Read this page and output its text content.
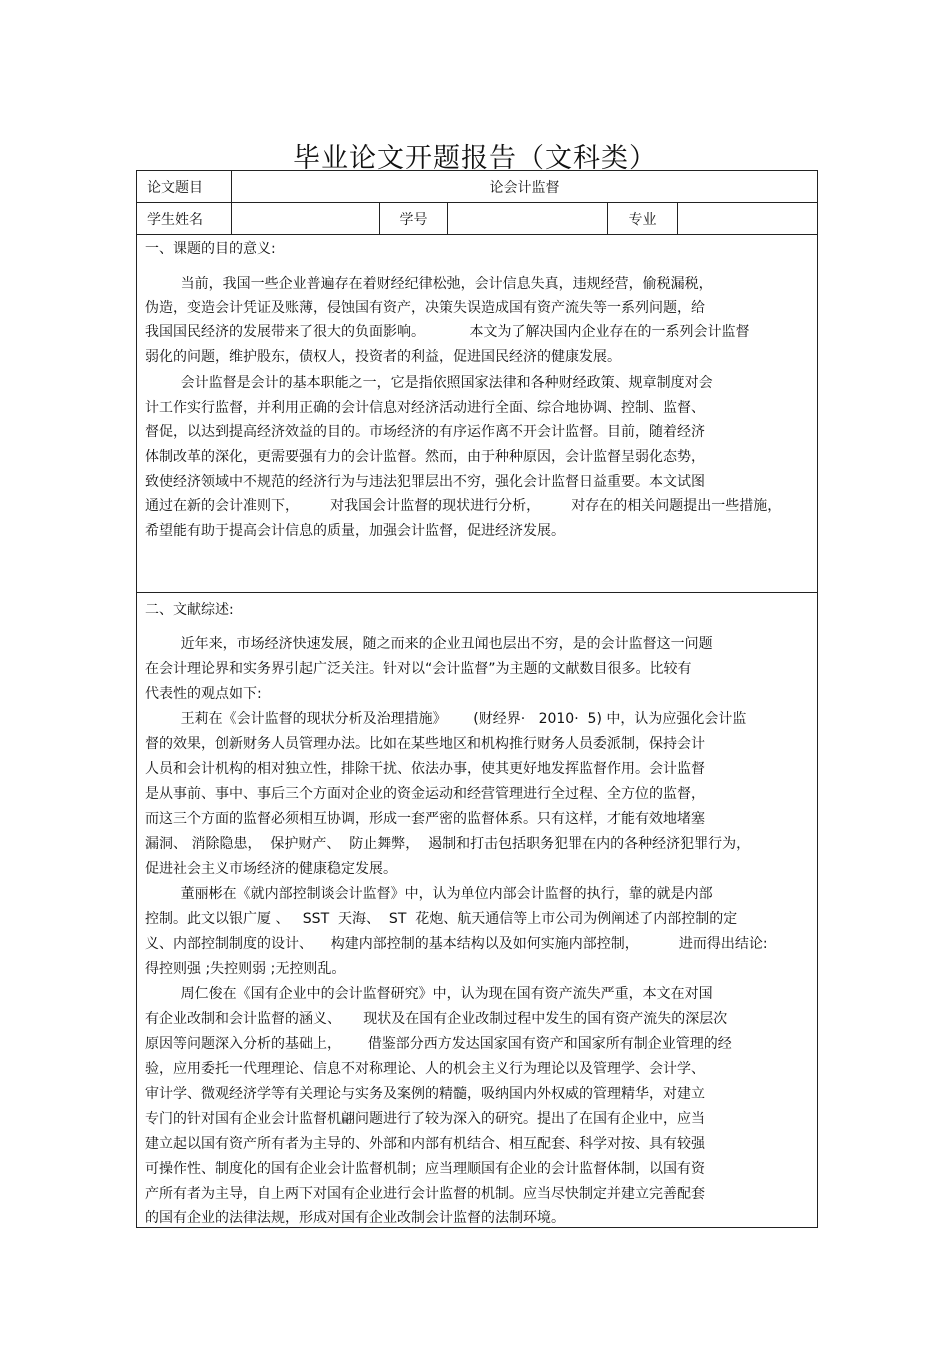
毕业论文开题报告（文科类）
论文题目	论会计监督
学生姓名	学号	专业
一、课题的目的意义:
当前，我国一些企业普遍存在着财经纪律松弛，会计信息失真，违规经营，偷税漏税，
伪造，变造会计凭证及账薄，侵蚀国有资产，决策失误造成国有资产流失等一系列问题，给
我国国民经济的发展带来了很大的负面影响。          本文为了解决国内企业存在的一系列会计监督
弱化的问题，维护股东，债权人，投资者的利益，促进国民经济的健康发展。
会计监督是会计的基本职能之一，它是指依照国家法律和各种财经政策、规章制度对会
计工作实行监督，并利用正确的会计信息对经济活动进行全面、综合地协调、控制、监督、
督促，以达到提高经济效益的目的。市场经济的有序运作离不开会计监督。目前，随着经济
体制改革的深化，更需要强有力的会计监督。然而，由于种种原因，会计监督呈弱化态势，
致使经济领域中不规范的经济行为与违法犯罪层出不穷，强化会计监督日益重要。本文试图
通过在新的会计准则下，       对我国会计监督的现状进行分析，       对存在的相关问题提出一些措施，
希望能有助于提高会计信息的质量，加强会计监督，促进经济发展。
二、文献综述:
近年来，市场经济快速发展，随之而来的企业丑闻也层出不穷，是的会计监督这一问题
在会计理论界和实务界引起广泛关注。针对以“会计监督”为主题的文献数目很多。比较有
代表性的观点如下:
王莉在《会计监督的现状分析及治理措施》      (财经界·   2010·  5) 中，认为应强化会计监
督的效果，创新财务人员管理办法。比如在某些地区和机构推行财务人员委派制，保持会计
人员和会计机构的相对独立性，排除干扰、依法办事，使其更好地发挥监督作用。会计监督
是从事前、事中、事后三个方面对企业的资金运动和经营管理进行全过程、全方位的监督，
而这三个方面的监督必须相互协调，形成一套严密的监督体系。只有这样，才能有效地堵塞
漏洞、 消除隐患，  保护财产、  防止舞弊，  遏制和打击包括职务犯罪在内的各种经济犯罪行为，
促进社会主义市场经济的健康稳定发展。
董丽彬在《就内部控制谈会计监督》中，认为单位内部会计监督的执行，靠的就是内部
控制。此文以银广厦 、   SST  天海、  ST  花炮、航天通信等上市公司为例阐述了内部控制的定
义、内部控制制度的设计、    构建内部控制的基本结构以及如何实施内部控制，         进而得出结论:
得控则强 ;失控则弱 ;无控则乱。
周仁俊在《国有企业中的会计监督研究》中，认为现在国有资产流失严重，本文在对国
有企业改制和会计监督的涵义、     现状及在国有企业改制过程中发生的国有资产流失的深层次
原因等问题深入分析的基础上，      借鉴部分西方发达国家国有资产和国家所有制企业管理的经
验，应用委托一代理理论、信息不对称理论、人的机会主义行为理论以及管理学、会计学、
审计学、微观经济学等有关理论与实务及案例的精髓，吸纳国内外权威的管理精华，对建立
专门的针对国有企业会计监督机翩问题进行了较为深入的研究。提出了在国有企业中，应当
建立起以国有资产所有者为主导的、外部和内部有机结合、相互配套、科学对按、具有较强
可操作性、制度化的国有企业会计监督机制；应当理顺国有企业的会计监督体制，以国有资
产所有者为主导，自上两下对国有企业进行会计监督的机制。应当尽快制定并建立完善配套
的国有企业的法律法规，形成对国有企业改制会计监督的法制环境。
